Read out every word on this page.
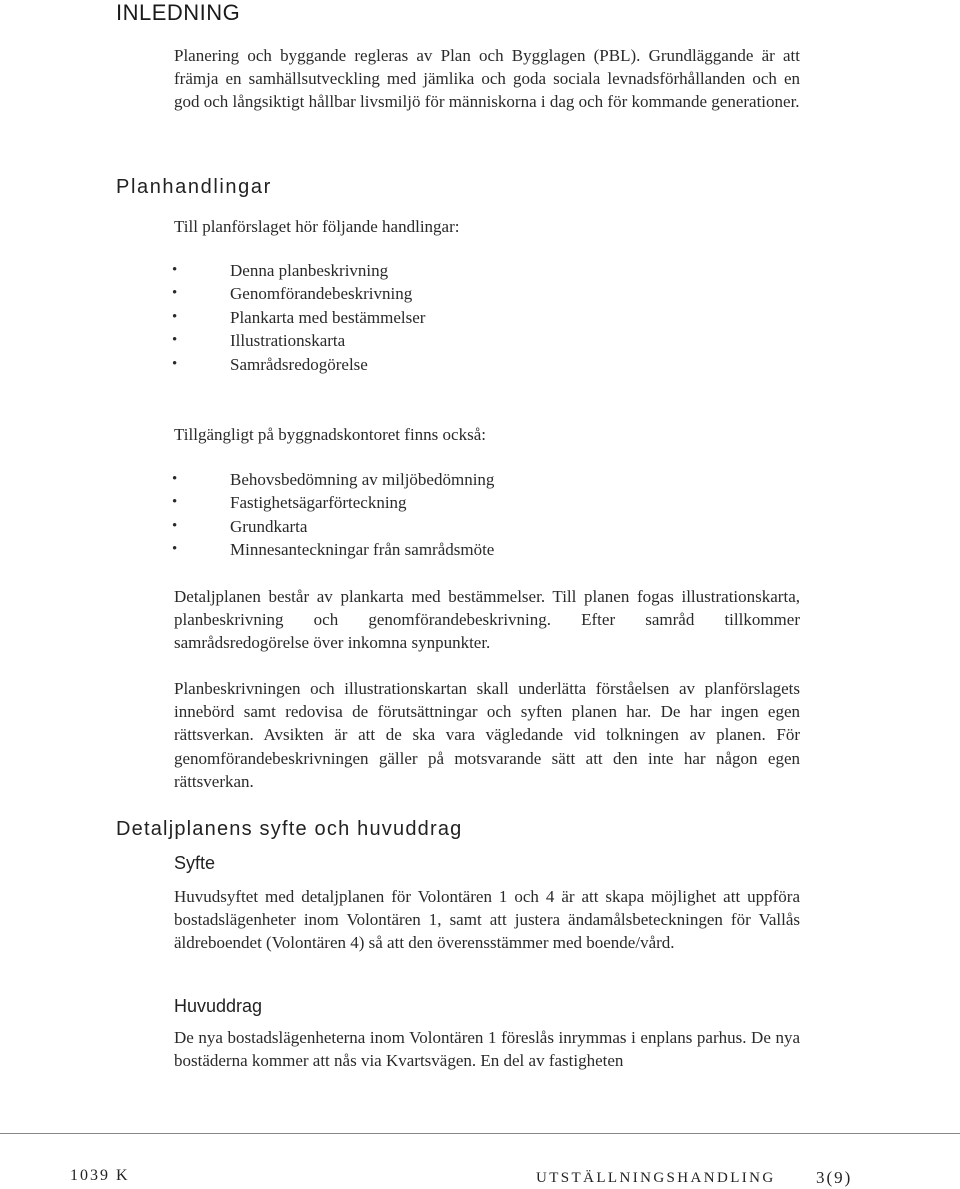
INLEDNING

Planering och byggande regleras av Plan och Bygglagen (PBL). Grundläggande är att främja en samhällsutveckling med jämlika och goda sociala levnadsförhållanden och en god och långsiktigt hållbar livsmiljö för människorna i dag och för kommande generationer.

Planhandlingar

Till planförslaget hör följande handlingar:

• Denna planbeskrivning
• Genomförandebeskrivning
• Plankarta med bestämmelser
• Illustrationskarta
• Samrådsredogörelse

Tillgängligt på byggnadskontoret finns också:

• Behovsbedömning av miljöbedömning
• Fastighetsägarförteckning
• Grundkarta
• Minnesanteckningar från samrådsmöte

Detaljplanen består av plankarta med bestämmelser. Till planen fogas illustrationskarta, planbeskrivning och genomförandebeskrivning. Efter samråd tillkommer samrådsredogörelse över inkomna synpunkter.

Planbeskrivningen och illustrationskartan skall underlätta förståelsen av planförslagets innebörd samt redovisa de förutsättningar och syften planen har. De har ingen egen rättsverkan. Avsikten är att de ska vara vägledande vid tolkningen av planen. För genomförandebeskrivningen gäller på motsvarande sätt att den inte har någon egen rättsverkan.

Detaljplanens syfte och huvuddrag
Syfte

Huvudsyftet med detaljplanen för Volontären 1 och 4 är att skapa möjlighet att uppföra bostadslägenheter inom Volontären 1, samt att justera ändamålsbeteckningen för Vallås äldreboendet (Volontären 4) så att den överensstämmer med boende/vård.

Huvuddrag

De nya bostadslägenheterna inom Volontären 1 föreslås inrymmas i enplans parhus. De nya bostäderna kommer att nås via Kvartsvägen. En del av fastigheten

1039 K	UTSTÄLLNINGSHANDLING 3(9)
